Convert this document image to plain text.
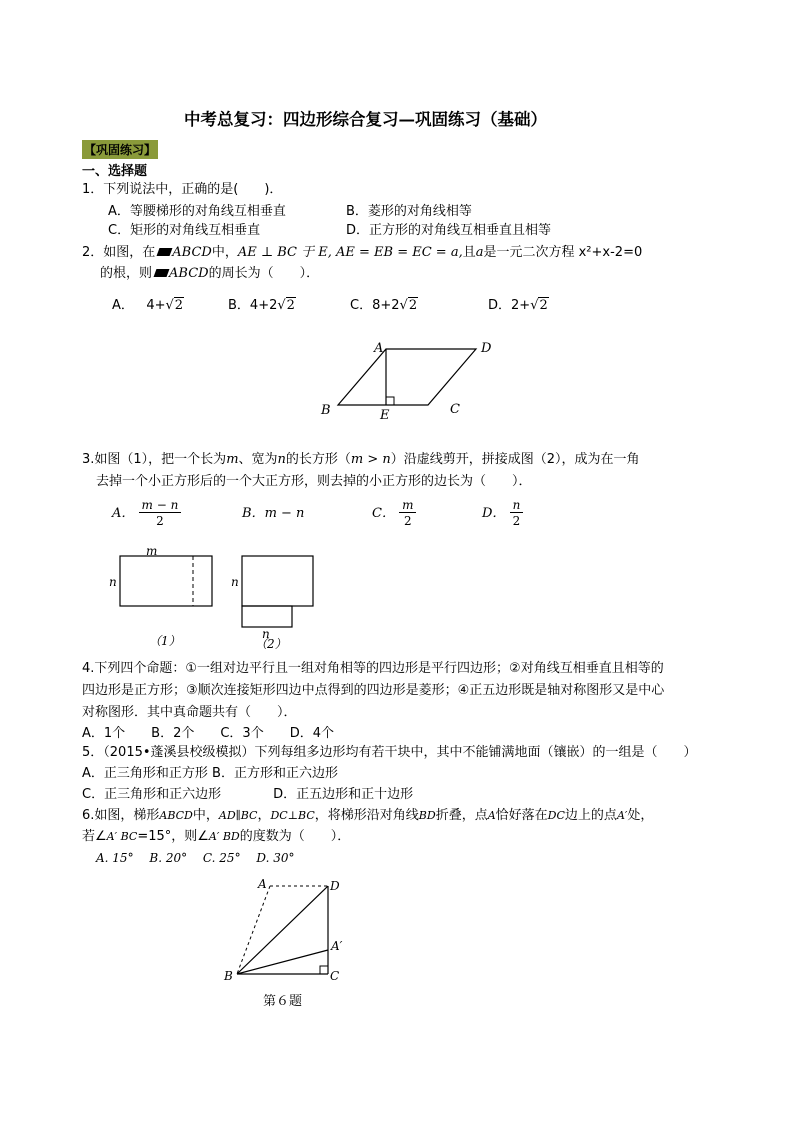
中考总复习：四边形综合复习—巩固练习（基础）
【巩固练习】
一、选择题
1．下列说法中，正确的是(　　)．
A．等腰梯形的对角线互相垂直	B．菱形的对角线相等
C．矩形的对角线互相垂直	D．正方形的对角线互相垂直且相等
2．如图，在 ABCD中，AE ⊥ BC 于 E, AE = EB = EC = a,且a是一元二次方程 x²+x-2=0
的根，则 ABCD的周长为（　　）．
A． 4+√2	B．4+2√2	C．8+2√2	D．2+√2
A	D
B	E	C
3.如图（1），把一个长为m、宽为n的长方形（m > n）沿虚线剪开，拼接成图（2），成为在一角
去掉一个小正方形后的一个大正方形，则去掉的小正方形的边长为（　　）．
A． $\frac{m - n}{2}$	B．m − n	C． $\frac{m}{2}$	D． $\frac{n}{2}$
m
n
（1）
n
n
（2）
4.下列四个命题：①一组对边平行且一组对角相等的四边形是平行四边形；②对角线互相垂直且相等的
四边形是正方形；③顺次连接矩形四边中点得到的四边形是菱形；④正五边形既是轴对称图形又是中心
对称图形．其中真命题共有（　　）．
A．1个　　B．2个　　C．3个　　D．4个
5．（2015•蓬溪县校级模拟）下列每组多边形均有若干块中，其中不能铺满地面（镶嵌）的一组是（　　）
A．正三角形和正方形 B．正方形和正六边形
C．正三角形和正六边形　　　　D．正五边形和正十边形
6.如图，梯形ABCD中，AD∥BC，DC⊥BC，将梯形沿对角线BD折叠，点A恰好落在DC边上的点A′处，
若∠A′ BC=15°，则∠A′ BD的度数为（　　）．
A. 15°　 B. 20°　 C. 25°　 D. 30°
A	D
A′
B	C
第６题
